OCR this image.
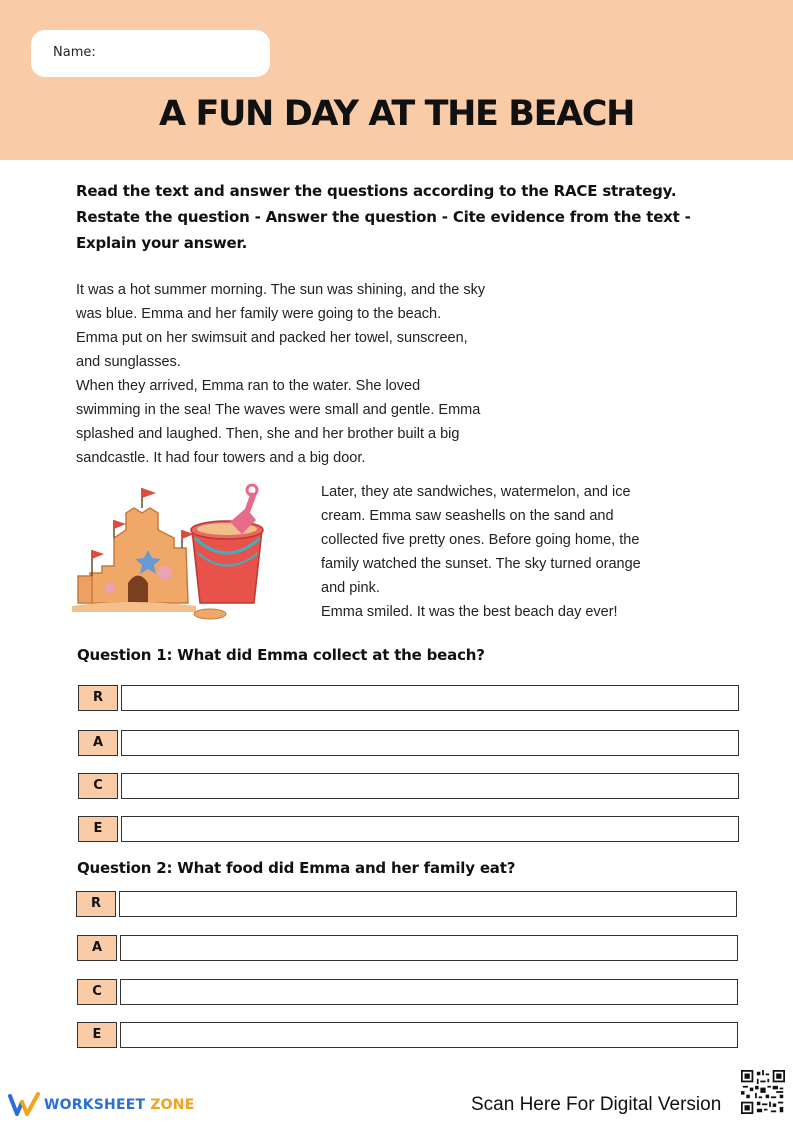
Name:
A FUN DAY AT THE BEACH
Read the text and answer the questions according to the RACE strategy. Restate the question - Answer the question - Cite evidence from the text - Explain your answer.

It was a hot summer morning. The sun was shining, and the sky

was blue. Emma and her family were going to the beach.

Emma put on her swimsuit and packed her towel, sunscreen,

and sunglasses.

When they arrived, Emma ran to the water. She loved

swimming in the sea! The waves were small and gentle. Emma

splashed and laughed. Then, she and her brother built a big

sandcastle. It had four towers and a big door.

Later, they ate sandwiches, watermelon, and ice

cream. Emma saw seashells on the sand and

collected five pretty ones. Before going home, the

family watched the sunset. The sky turned orange

and pink.

Emma smiled. It was the best beach day ever!

Question 1: What did Emma collect at the beach?
R
A
C
E
Question 2: What food did Emma and her family eat?
R
A
C
E
WORKSHEET ZONE	Scan Here For Digital Version
